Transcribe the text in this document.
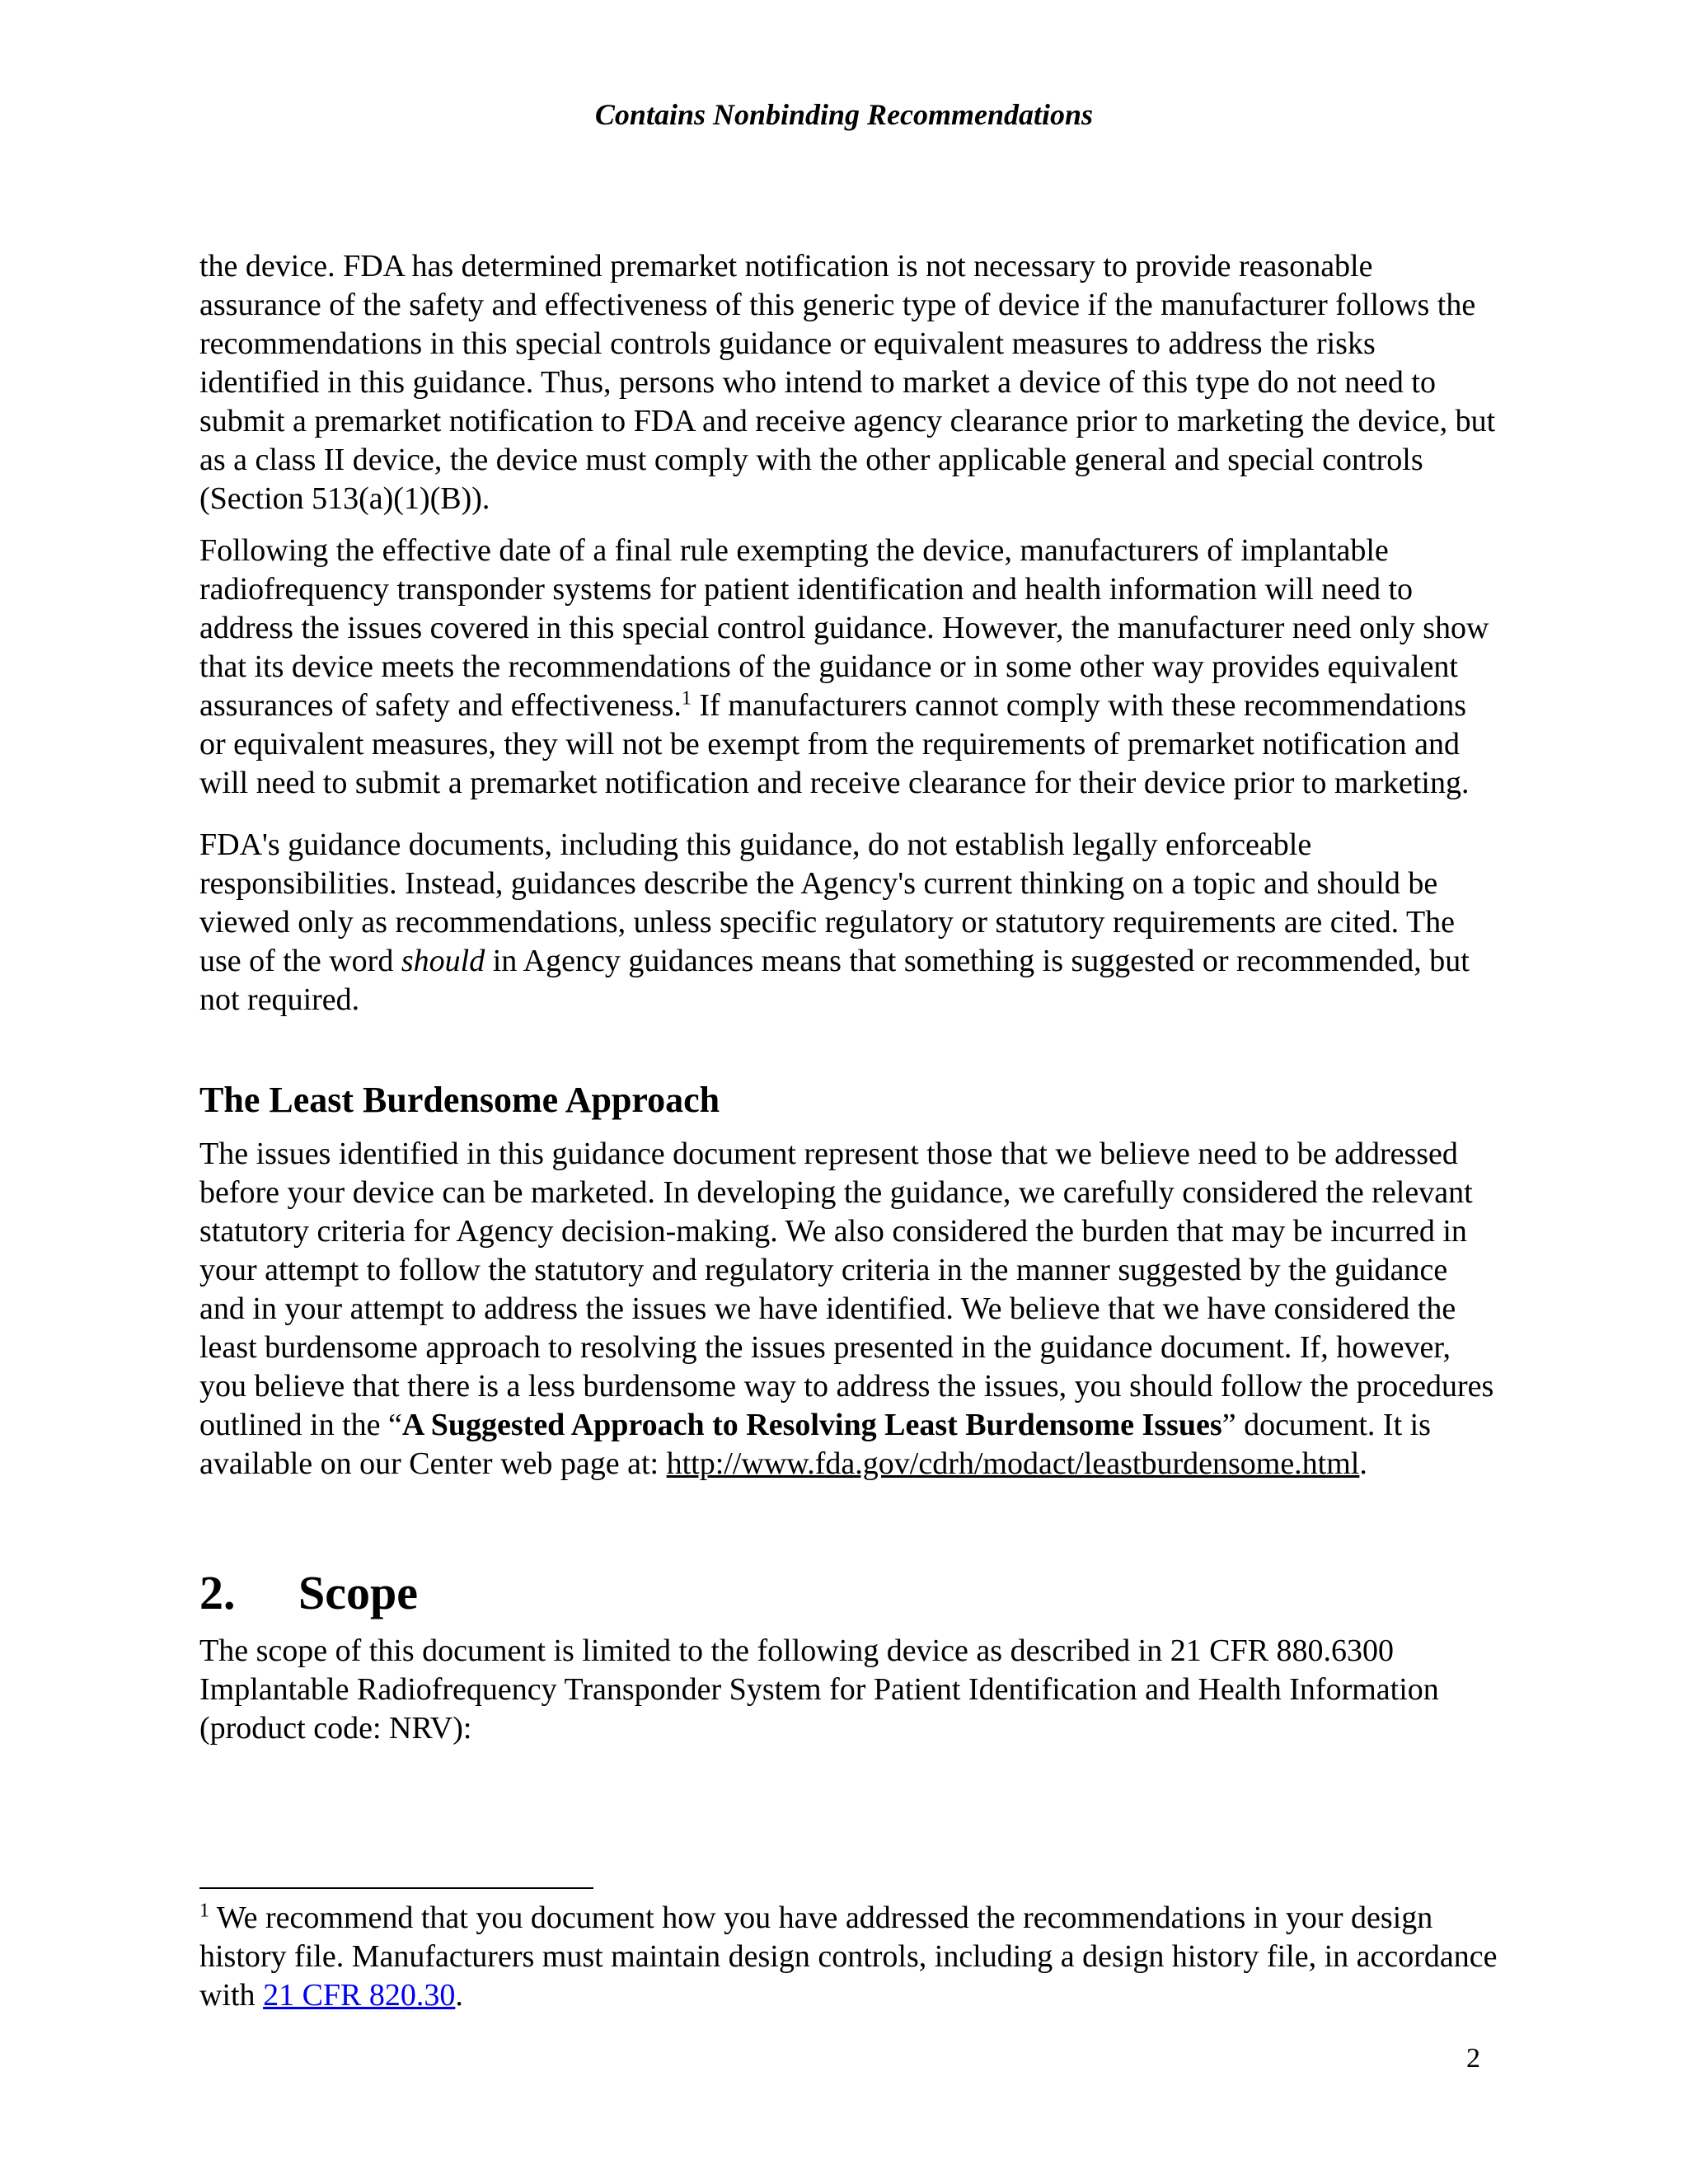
Contains Nonbinding Recommendations

the device. FDA has determined premarket notification is not necessary to provide reasonable assurance of the safety and effectiveness of this generic type of device if the manufacturer follows the recommendations in this special controls guidance or equivalent measures to address the risks identified in this guidance. Thus, persons who intend to market a device of this type do not need to submit a premarket notification to FDA and receive agency clearance prior to marketing the device, but as a class II device, the device must comply with the other applicable general and special controls (Section 513(a)(1)(B)).

Following the effective date of a final rule exempting the device, manufacturers of implantable radiofrequency transponder systems for patient identification and health information will need to address the issues covered in this special control guidance. However, the manufacturer need only show that its device meets the recommendations of the guidance or in some other way provides equivalent assurances of safety and effectiveness.$^1$ If manufacturers cannot comply with these recommendations or equivalent measures, they will not be exempt from the requirements of premarket notification and will need to submit a premarket notification and receive clearance for their device prior to marketing.

FDA's guidance documents, including this guidance, do not establish legally enforceable responsibilities. Instead, guidances describe the Agency's current thinking on a topic and should be viewed only as recommendations, unless specific regulatory or statutory requirements are cited. The use of the word should in Agency guidances means that something is suggested or recommended, but not required.

The Least Burdensome Approach

The issues identified in this guidance document represent those that we believe need to be addressed before your device can be marketed. In developing the guidance, we carefully considered the relevant statutory criteria for Agency decision-making. We also considered the burden that may be incurred in your attempt to follow the statutory and regulatory criteria in the manner suggested by the guidance and in your attempt to address the issues we have identified. We believe that we have considered the least burdensome approach to resolving the issues presented in the guidance document. If, however, you believe that there is a less burdensome way to address the issues, you should follow the procedures outlined in the “A Suggested Approach to Resolving Least Burdensome Issues” document. It is available on our Center web page at: http://www.fda.gov/cdrh/modact/leastburdensome.html.

2. Scope

The scope of this document is limited to the following device as described in 21 CFR 880.6300 Implantable Radiofrequency Transponder System for Patient Identification and Health Information (product code: NRV):

$^1$ We recommend that you document how you have addressed the recommendations in your design history file. Manufacturers must maintain design controls, including a design history file, in accordance with 21 CFR 820.30.
2
